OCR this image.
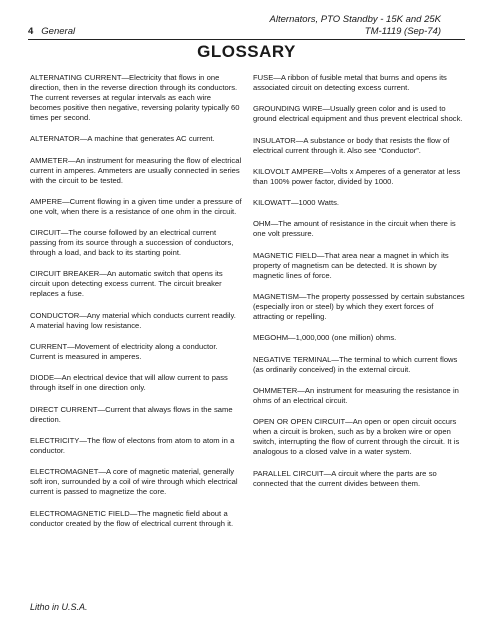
Alternators, PTO Standby - 15K and 25K
TM-1119 (Sep-74)
4 General
GLOSSARY

ALTERNATING CURRENT—Electricity that flows in one direction, then in the reverse direction through its conductors. The current reverses at regular intervals as each wire becomes positive then negative, reversing polarity typically 60 times per second.

ALTERNATOR—A machine that generates AC current.

AMMETER—An instrument for measuring the flow of electrical current in amperes. Ammeters are usually connected in series with the circuit to be tested.

AMPERE—Current flowing in a given time under a pressure of one volt, when there is a resistance of one ohm in the circuit.

CIRCUIT—The course followed by an electrical current passing from its source through a succession of conductors, through a load, and back to its starting point.

CIRCUIT BREAKER—An automatic switch that opens its circuit upon detecting excess current. The circuit breaker replaces a fuse.

CONDUCTOR—Any material which conducts current readily. A material having low resistance.

CURRENT—Movement of electricity along a conductor. Current is measured in amperes.

DIODE—An electrical device that will allow current to pass through itself in one direction only.

DIRECT CURRENT—Current that always flows in the same direction.

ELECTRICITY—The flow of electons from atom to atom in a conductor.

ELECTROMAGNET—A core of magnetic material, generally soft iron, surrounded by a coil of wire through which electrical current is passed to magnetize the core.

ELECTROMAGNETIC FIELD—The magnetic field about a conductor created by the flow of electrical current through it.

FUSE—A ribbon of fusible metal that burns and opens its associated circuit on detecting excess current.

GROUNDING WIRE—Usually green color and is used to ground electrical equipment and thus prevent electrical shock.

INSULATOR—A substance or body that resists the flow of electrical current through it. Also see “Conductor”.

KILOVOLT AMPERE—Volts x Amperes of a generator at less than 100% power factor, divided by 1000.

KILOWATT—1000 Watts.

OHM—The amount of resistance in the circuit when there is one volt pressure.

MAGNETIC FIELD—That area near a magnet in which its property of magnetism can be detected. It is shown by magnetic lines of force.

MAGNETISM—The property possessed by certain substances (especially iron or steel) by which they exert forces of attracting or repelling.

MEGOHM—1,000,000 (one million) ohms.

NEGATIVE TERMINAL—The terminal to which current flows (as ordinarily conceived) in the external circuit.

OHMMETER—An instrument for measuring the resistance in ohms of an electrical circuit.

OPEN OR OPEN CIRCUIT—An open or open circuit occurs when a circuit is broken, such as by a broken wire or open switch, interrupting the flow of current through the circuit. It is analogous to a closed valve in a water system.

PARALLEL CIRCUIT—A circuit where the parts are so connected that the current divides between them.

Litho in U.S.A.
